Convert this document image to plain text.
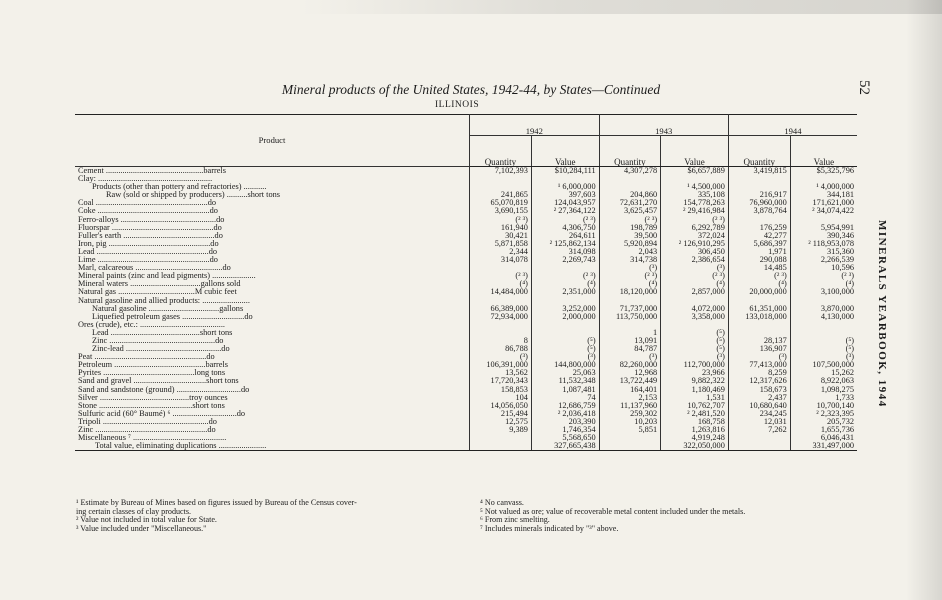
Mineral products of the United States, 1942-44, by States—Continued
ILLINOIS
52
MINERALS YEARBOOK, 1944
Product	1942		1943		1944	
	Quantity	Value	Quantity	Value	Quantity	Value
Cement ...............................................barrels	7,102,393	$10,284,111	4,307,278	$6,657,889	3,419,815	$5,325,796
Clay: .......................................................						
Products (other than pottery and refractories) ...........		¹ 6,000,000		¹ 4,500,000		¹ 4,000,000
Raw (sold or shipped by producers) ..........short tons	241,865	397,603	204,860	335,108	216,917	344,181
Coal ......................................................do	65,070,819	124,043,957	72,631,270	154,778,263	76,960,000	171,621,000
Coke ......................................................do	3,690,155	² 27,364,122	3,625,457	² 29,416,984	3,878,764	² 34,074,422
Ferro-alloys ..............................................do	(² ³)	(² ³)	(² ³)	(² ³)		
Fluorspar .................................................do	161,940	4,306,750	198,789	6,292,789	176,259	5,954,991
Fuller's earth ............................................do	30,421	264,611	39,500	372,024	42,277	390,346
Iron, pig .................................................do	5,871,858	² 125,862,134	5,920,894	² 126,910,295	5,686,397	² 118,953,078
Lead ......................................................do	2,344	314,098	2,043	306,450	1,971	315,360
Lime ......................................................do	314,078	2,269,743	314,738	2,386,654	290,088	2,266,539
Marl, calcareous ..........................................do			(³)	(³)	14,485	10,596
Mineral paints (zinc and lead pigments) .....................	(² ³)	(² ³)	(² ³)	(² ³)	(² ³)	(² ³)
Mineral waters ..................................gallons sold	(⁴)	(⁴)	(⁴)	(⁴)	(⁴)	(⁴)
Natural gas .....................................M cubic feet	14,484,000	2,351,000	18,120,000	2,857,000	20,000,000	3,100,000
Natural gasoline and allied products: .......................						
Natural gasoline ..................................gallons	66,389,000	3,252,000	71,737,000	4,072,000	61,351,000	3,870,000
Liquefied petroleum gases ..............................do	72,934,000	2,000,000	113,750,000	3,358,000	133,018,000	4,130,000
Ores (crude), etc.: .........................................						
Lead ...........................................short tons			1	(⁵)		
Zinc ...................................................do	8	(⁵)	13,091	(⁵)	28,137	(⁵)
Zinc-lead ..............................................do	86,788	(⁵)	84,787	(⁵)	136,907	(⁵)
Peat ......................................................do	(³)	(³)	(³)	(³)	(³)	(³)
Petroleum ............................................barrels	106,391,000	144,800,000	82,260,000	112,700,000	77,413,000	107,500,000
Pyrites ............................................long tons	13,562	25,063	12,968	23,966	8,259	15,262
Sand and gravel ...................................short tons	17,720,343	11,532,348	13,722,449	9,882,322	12,317,626	8,922,063
Sand and sandstone (ground) ...............................do	158,853	1,087,481	164,401	1,180,469	158,673	1,098,275
Silver ...........................................troy ounces	104	74	2,153	1,531	2,437	1,733
Stone .............................................short tons	14,056,050	12,686,759	11,137,960	10,762,707	10,680,640	10,700,140
Sulfuric acid (60° Baumé) ⁶ ...............................do	215,494	² 2,036,418	259,302	² 2,481,520	234,245	² 2,323,395
Tripoli ...................................................do	12,575	203,390	10,203	168,758	12,031	205,732
Zinc ......................................................do	9,389	1,746,354	5,851	1,263,816	7,262	1,655,736
Miscellaneous ⁷ .............................................		5,568,650		4,919,248		6,046,431
Total value, eliminating duplications .......................		327,665,438		322,050,000		331,497,000
¹ Estimate by Bureau of Mines based on figures issued by Bureau of the Census cover-
ing certain classes of clay products.
² Value not included in total value for State.
³ Value included under "Miscellaneous."
⁴ No canvass.
⁵ Not valued as ore; value of recoverable metal content included under the metals.
⁶ From zinc smelting.
⁷ Includes minerals indicated by "³" above.
